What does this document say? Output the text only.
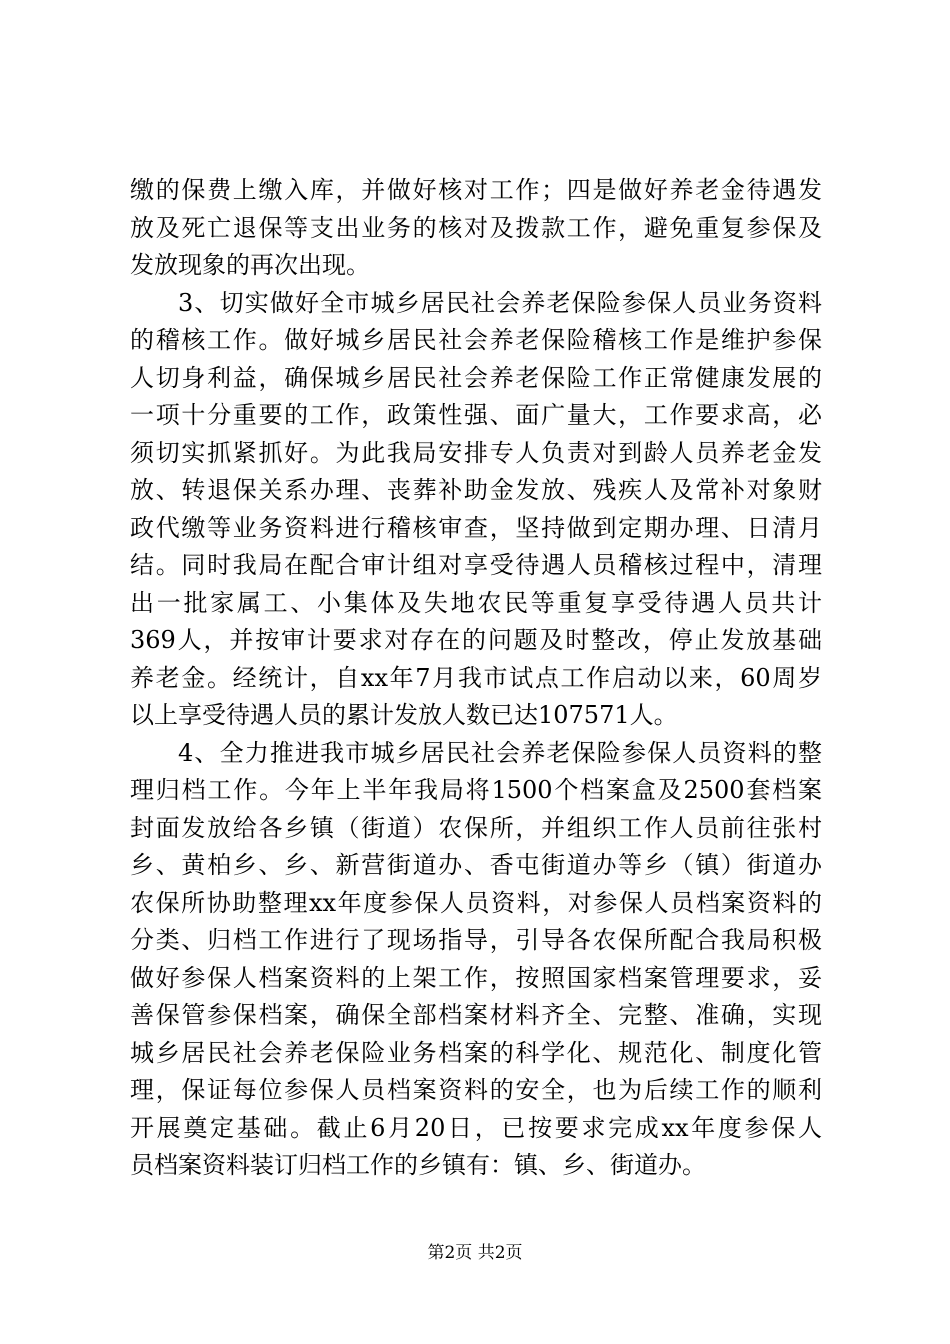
缴的保费上缴入库，并做好核对工作；四是做好养老金待遇发
放及死亡退保等支出业务的核对及拨款工作，避免重复参保及
发放现象的再次出现。
3、切实做好全市城乡居民社会养老保险参保人员业务资料
的稽核工作。做好城乡居民社会养老保险稽核工作是维护参保
人切身利益，确保城乡居民社会养老保险工作正常健康发展的
一项十分重要的工作，政策性强、面广量大，工作要求高，必
须切实抓紧抓好。为此我局安排专人负责对到龄人员养老金发
放、转退保关系办理、丧葬补助金发放、残疾人及常补对象财
政代缴等业务资料进行稽核审查，坚持做到定期办理、日清月
结。同时我局在配合审计组对享受待遇人员稽核过程中，清理
出一批家属工、小集体及失地农民等重复享受待遇人员共计
369人，并按审计要求对存在的问题及时整改，停止发放基础
养老金。经统计，自xx年7月我市试点工作启动以来，60周岁
以上享受待遇人员的累计发放人数已达107571人。
4、全力推进我市城乡居民社会养老保险参保人员资料的整
理归档工作。今年上半年我局将1500个档案盒及2500套档案
封面发放给各乡镇（街道）农保所，并组织工作人员前往张村
乡、黄柏乡、乡、新营街道办、香屯街道办等乡（镇）街道办
农保所协助整理xx年度参保人员资料，对参保人员档案资料的
分类、归档工作进行了现场指导，引导各农保所配合我局积极
做好参保人档案资料的上架工作，按照国家档案管理要求，妥
善保管参保档案，确保全部档案材料齐全、完整、准确，实现
城乡居民社会养老保险业务档案的科学化、规范化、制度化管
理，保证每位参保人员档案资料的安全，也为后续工作的顺利
开展奠定基础。截止6月20日，已按要求完成xx年度参保人
员档案资料装订归档工作的乡镇有：镇、乡、街道办。
第2页 共2页
